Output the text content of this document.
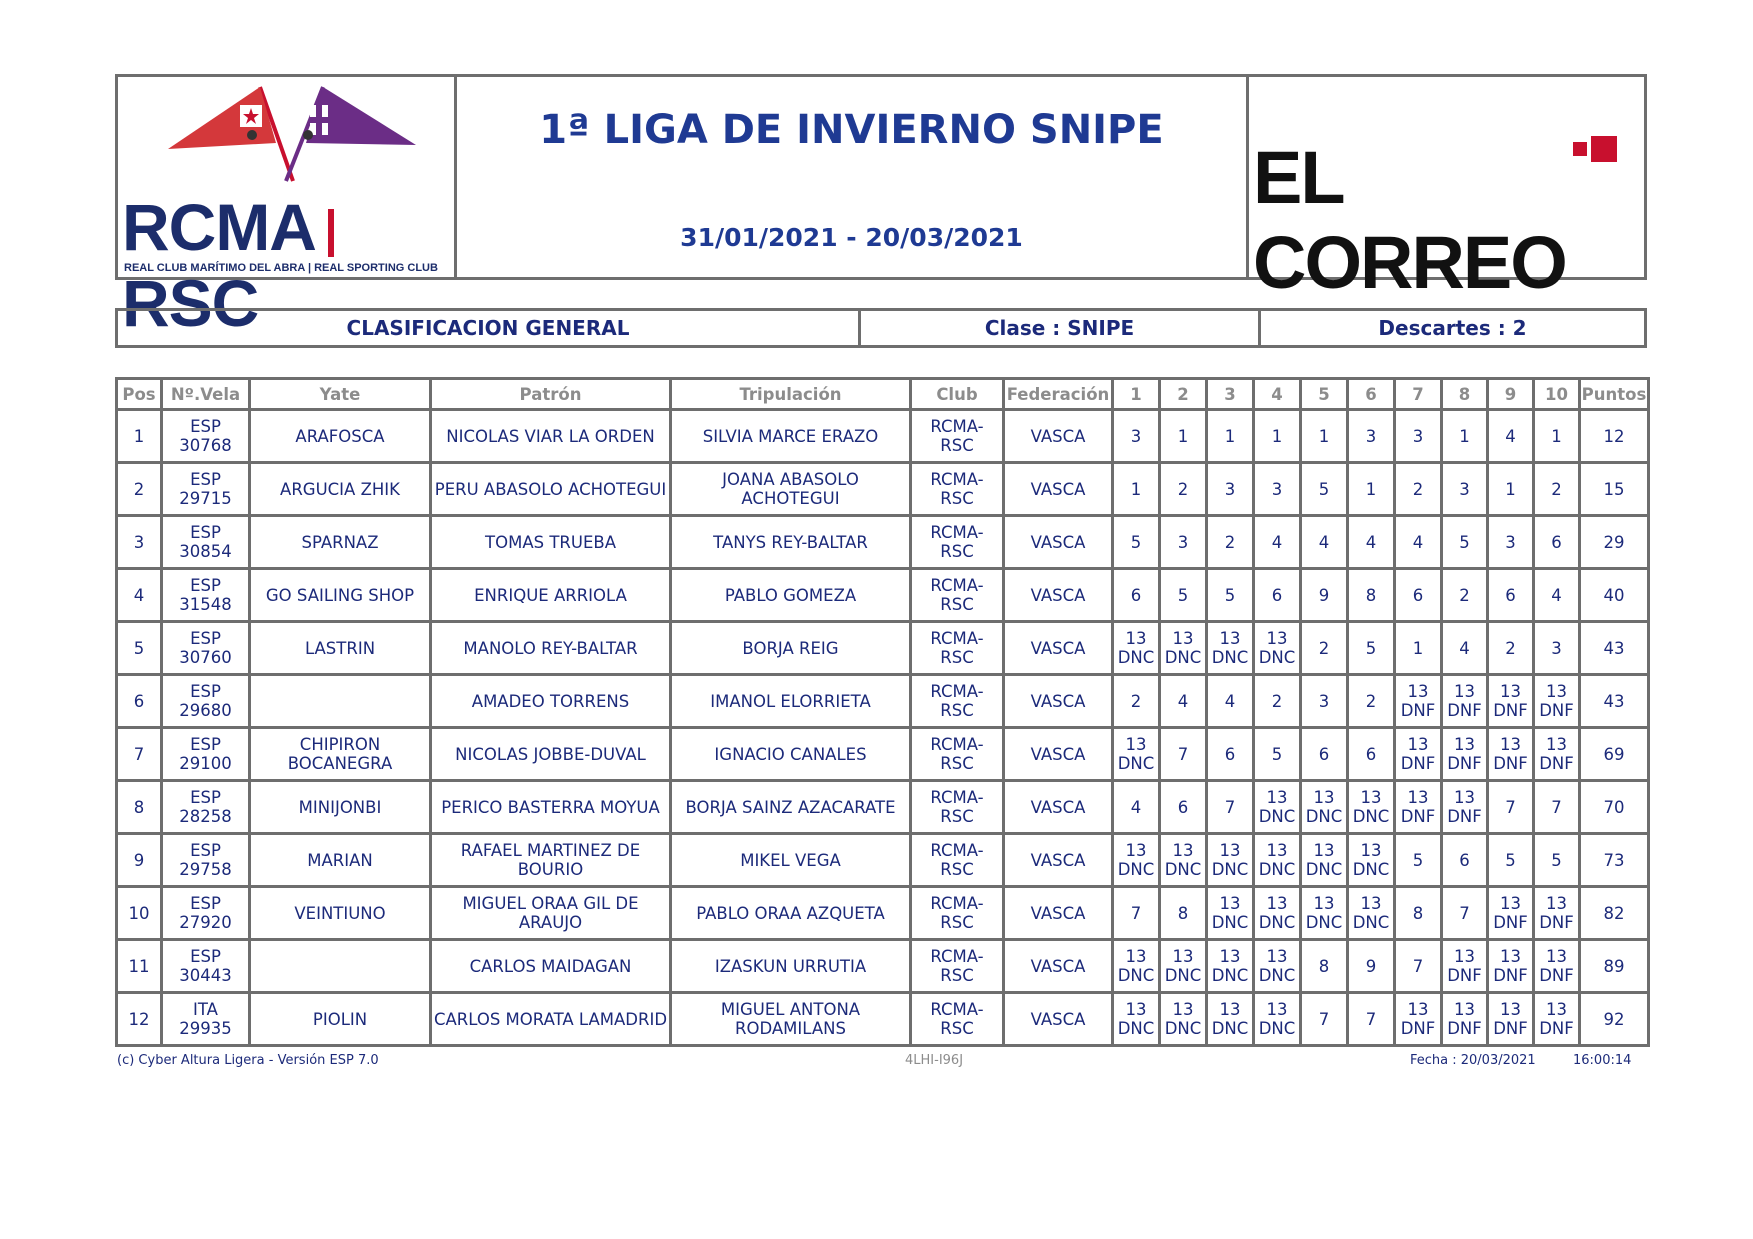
RCMARSC
REAL CLUB MARÍTIMO DEL ABRA | REAL SPORTING CLUB
1ª LIGA DE INVIERNO SNIPE
31/01/2021 - 20/03/2021
EL CORREO
CLASIFICACION GENERAL	Clase : SNIPE	Descartes : 2
Pos	Nº.Vela	Yate	Patrón	Tripulación	Club	Federación	1	2	3	4	5	6	7	8	9	10	Puntos
1	ESP
30768	ARAFOSCA	NICOLAS VIAR LA ORDEN	SILVIA MARCE ERAZO	RCMA-
RSC	VASCA	3	1	1	1	1	3	3	1	4	1	12
2	ESP
29715	ARGUCIA ZHIK	PERU ABASOLO ACHOTEGUI	JOANA ABASOLO
ACHOTEGUI	RCMA-
RSC	VASCA	1	2	3	3	5	1	2	3	1	2	15
3	ESP
30854	SPARNAZ	TOMAS TRUEBA	TANYS REY-BALTAR	RCMA-
RSC	VASCA	5	3	2	4	4	4	4	5	3	6	29
4	ESP
31548	GO SAILING SHOP	ENRIQUE ARRIOLA	PABLO GOMEZA	RCMA-
RSC	VASCA	6	5	5	6	9	8	6	2	6	4	40
5	ESP
30760	LASTRIN	MANOLO REY-BALTAR	BORJA REIG	RCMA-
RSC	VASCA	13
DNC	13
DNC	13
DNC	13
DNC	2	5	1	4	2	3	43
6	ESP
29680		AMADEO TORRENS	IMANOL ELORRIETA	RCMA-
RSC	VASCA	2	4	4	2	3	2	13
DNF	13
DNF	13
DNF	13
DNF	43
7	ESP
29100	CHIPIRON
BOCANEGRA	NICOLAS JOBBE-DUVAL	IGNACIO CANALES	RCMA-
RSC	VASCA	13
DNC	7	6	5	6	6	13
DNF	13
DNF	13
DNF	13
DNF	69
8	ESP
28258	MINIJONBI	PERICO BASTERRA MOYUA	BORJA SAINZ AZACARATE	RCMA-
RSC	VASCA	4	6	7	13
DNC	13
DNC	13
DNC	13
DNF	13
DNF	7	7	70
9	ESP
29758	MARIAN	RAFAEL MARTINEZ DE
BOURIO	MIKEL VEGA	RCMA-
RSC	VASCA	13
DNC	13
DNC	13
DNC	13
DNC	13
DNC	13
DNC	5	6	5	5	73
10	ESP
27920	VEINTIUNO	MIGUEL ORAA GIL DE
ARAUJO	PABLO ORAA AZQUETA	RCMA-
RSC	VASCA	7	8	13
DNC	13
DNC	13
DNC	13
DNC	8	7	13
DNF	13
DNF	82
11	ESP
30443		CARLOS MAIDAGAN	IZASKUN URRUTIA	RCMA-
RSC	VASCA	13
DNC	13
DNC	13
DNC	13
DNC	8	9	7	13
DNF	13
DNF	13
DNF	89
12	ITA
29935	PIOLIN	CARLOS MORATA LAMADRID	MIGUEL ANTONA
RODAMILANS	RCMA-
RSC	VASCA	13
DNC	13
DNC	13
DNC	13
DNC	7	7	13
DNF	13
DNF	13
DNF	13
DNF	92
(c) Cyber Altura Ligera - Versión ESP 7.0	4LHI-I96J	Fecha : 20/03/2021	16:00:14
